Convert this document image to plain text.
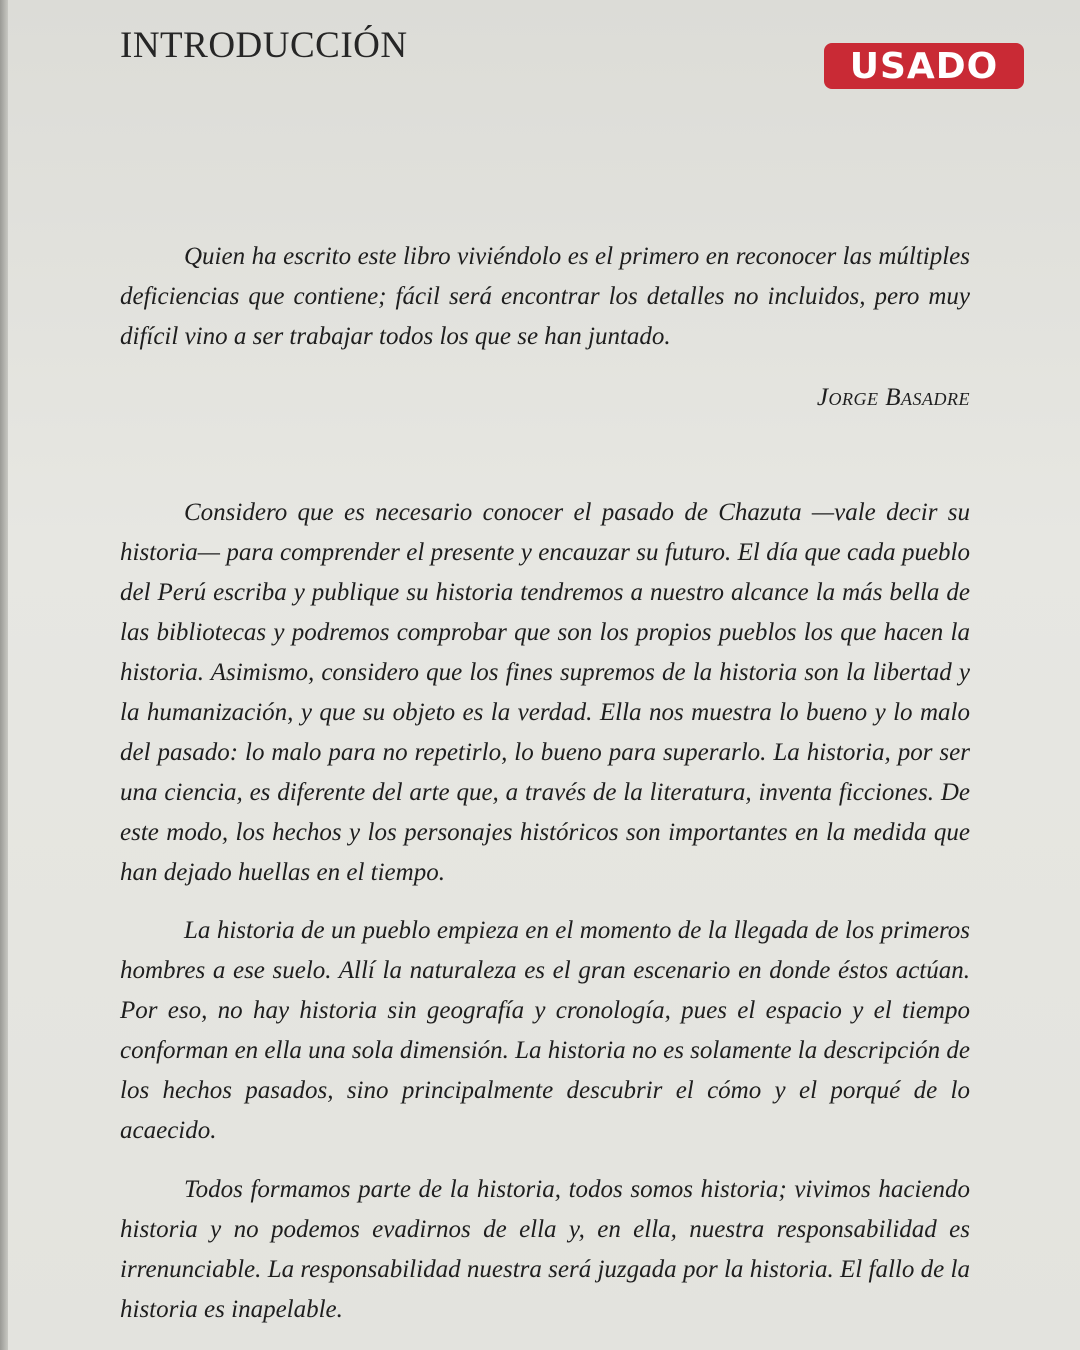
INTRODUCCIÓN	USADO

Quien ha escrito este libro viviéndolo es el primero en reconocer las múltiples deficiencias que contiene; fácil será encontrar los detalles no incluidos, pero muy difícil vino a ser trabajar todos los que se han juntado.

Jorge Basadre

Considero que es necesario conocer el pasado de Chazuta —vale decir su historia— para comprender el presente y encauzar su futuro. El día que cada pueblo del Perú escriba y publique su historia tendremos a nuestro alcance la más bella de las bibliotecas y podremos comprobar que son los propios pueblos los que hacen la historia. Asimismo, considero que los fines supremos de la historia son la libertad y la humanización, y que su objeto es la verdad. Ella nos muestra lo bueno y lo malo del pasado: lo malo para no repetirlo, lo bueno para superarlo. La historia, por ser una ciencia, es diferente del arte que, a través de la literatura, inventa ficciones. De este modo, los hechos y los personajes históricos son importantes en la medida que han dejado huellas en el tiempo.

La historia de un pueblo empieza en el momento de la llegada de los primeros hombres a ese suelo. Allí la naturaleza es el gran escenario en donde éstos actúan. Por eso, no hay historia sin geografía y cronología, pues el espacio y el tiempo conforman en ella una sola dimensión. La historia no es solamente la descripción de los hechos pasados, sino principalmente descubrir el cómo y el porqué de lo acaecido.

Todos formamos parte de la historia, todos somos historia; vivimos haciendo historia y no podemos evadirnos de ella y, en ella, nuestra responsabilidad es irrenunciable. La responsabilidad nuestra será juzgada por la historia. El fallo de la historia es inapelable.
